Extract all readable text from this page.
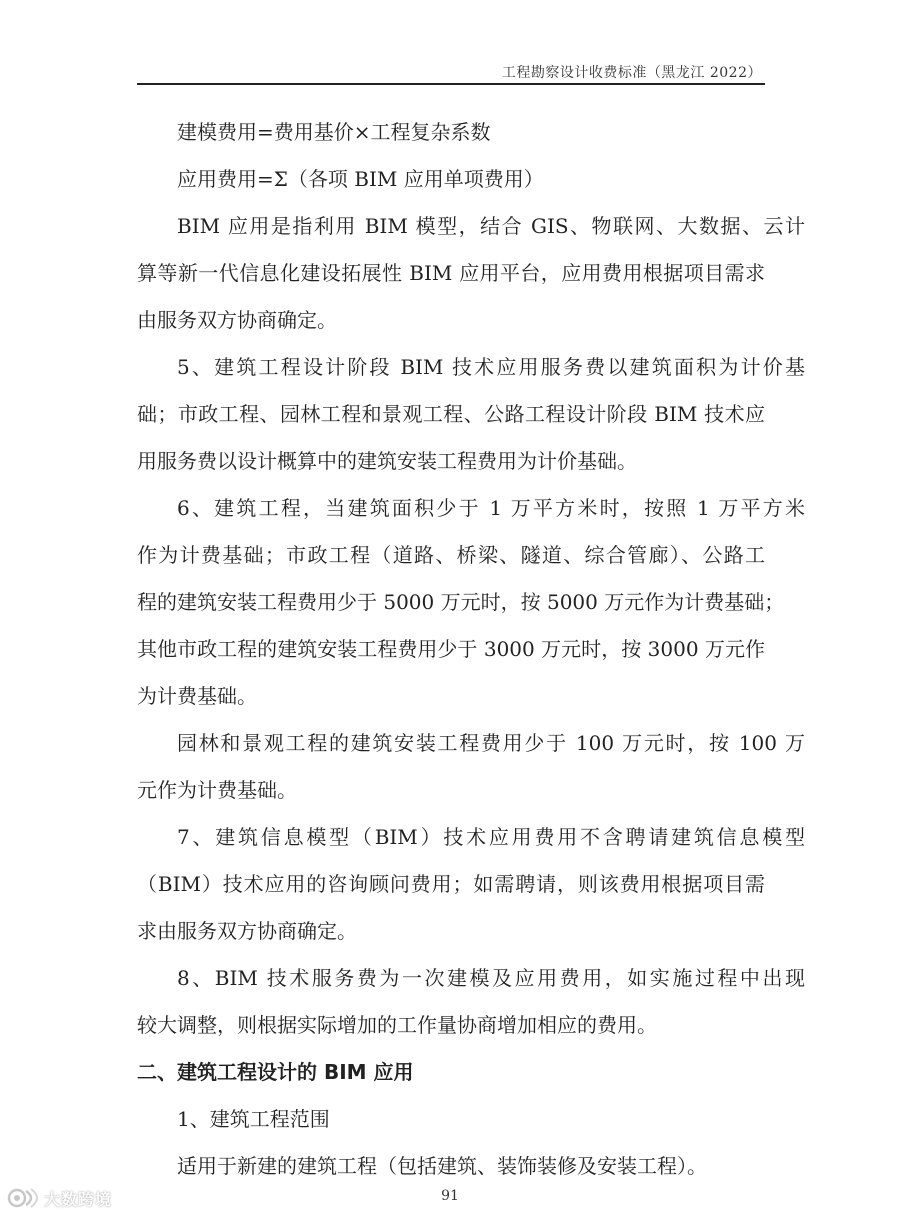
工程勘察设计收费标准（黑龙江 2022）
建模费用=费用基价×工程复杂系数
应用费用=Σ（各项 BIM 应用单项费用）
BIM 应用是指利用 BIM 模型，结合 GIS、物联网、大数据、云计
算等新一代信息化建设拓展性 BIM 应用平台，应用费用根据项目需求
由服务双方协商确定。
5、建筑工程设计阶段 BIM 技术应用服务费以建筑面积为计价基
础；市政工程、园林工程和景观工程、公路工程设计阶段 BIM 技术应
用服务费以设计概算中的建筑安装工程费用为计价基础。
6、建筑工程，当建筑面积少于 1 万平方米时，按照 1 万平方米
作为计费基础；市政工程（道路、桥梁、隧道、综合管廊）、公路工
程的建筑安装工程费用少于 5000 万元时，按 5000 万元作为计费基础；
其他市政工程的建筑安装工程费用少于 3000 万元时，按 3000 万元作
为计费基础。
园林和景观工程的建筑安装工程费用少于 100 万元时，按 100 万
元作为计费基础。
7、建筑信息模型（BIM）技术应用费用不含聘请建筑信息模型
（BIM）技术应用的咨询顾问费用；如需聘请，则该费用根据项目需
求由服务双方协商确定。
8、BIM 技术服务费为一次建模及应用费用，如实施过程中出现
较大调整，则根据实际增加的工作量协商增加相应的费用。
二、建筑工程设计的 BIM 应用
1、建筑工程范围
适用于新建的建筑工程（包括建筑、装饰装修及安装工程）。
91
大数跨境
